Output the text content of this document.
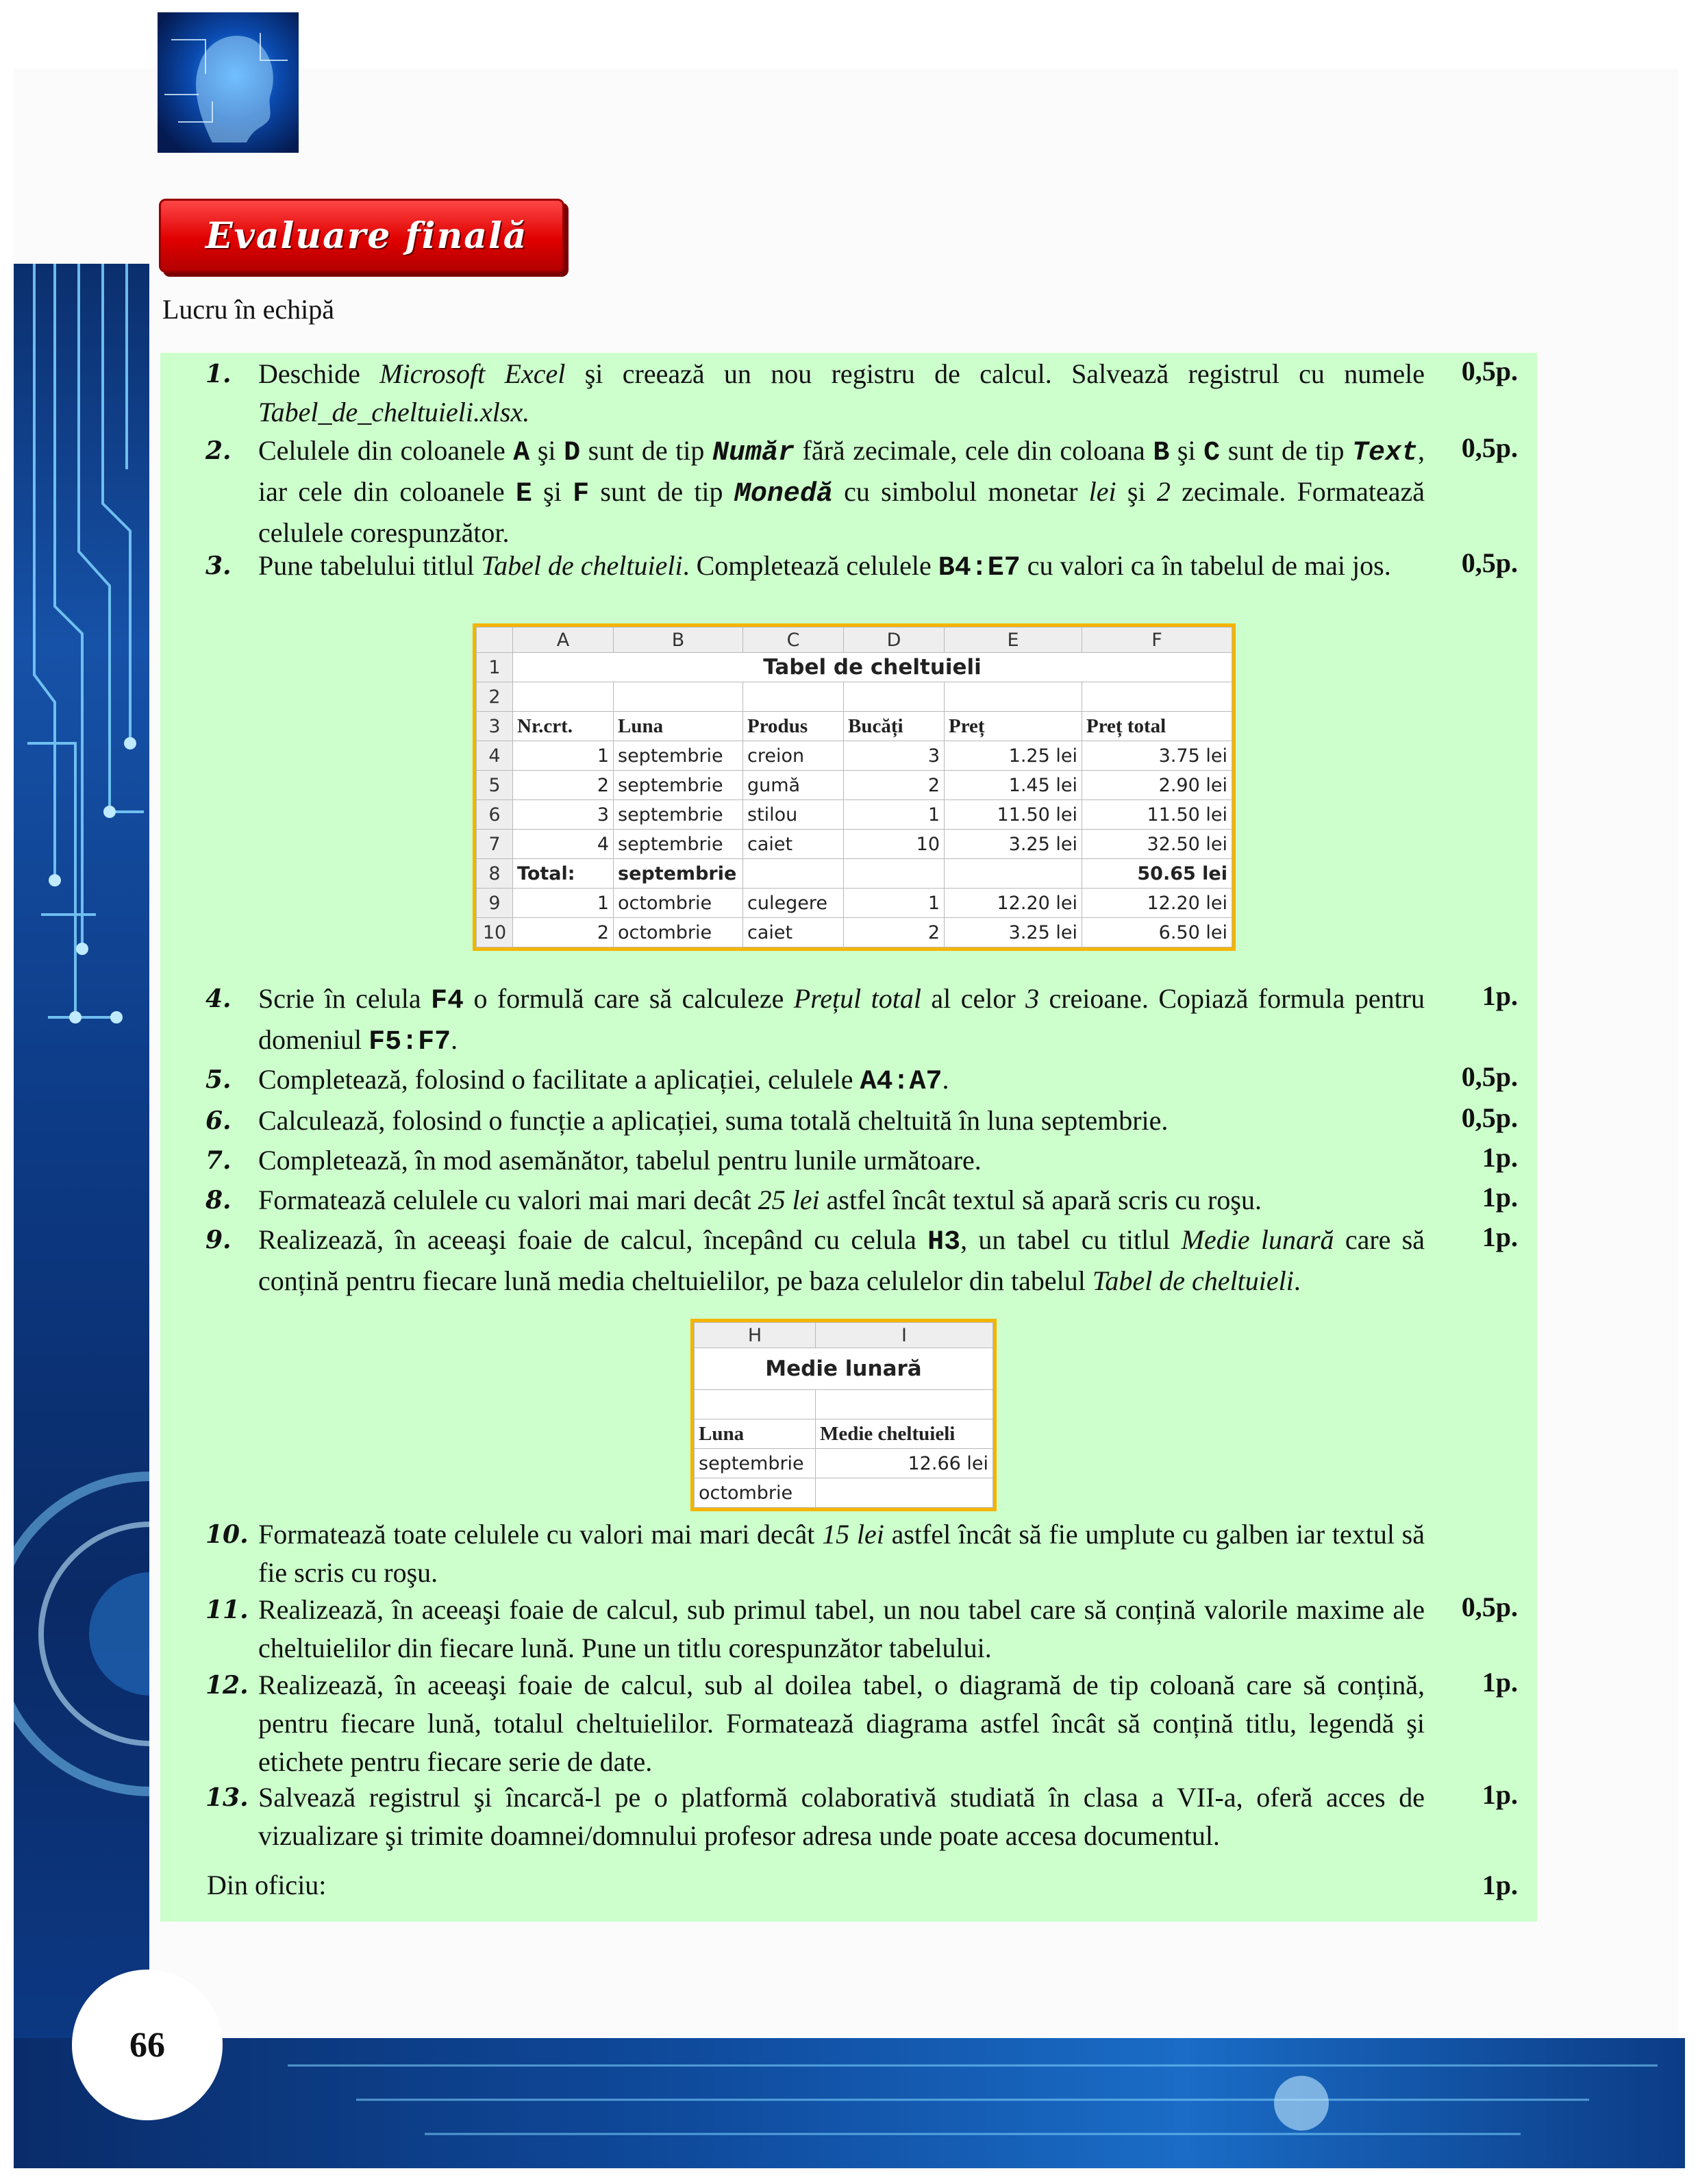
66
Evaluare finală
Lucru în echipă
1. Deschide Microsoft Excel şi creează un nou registru de calcul. Salvează registrul cu numele Tabel_de_cheltuieli.xlsx.
0,5p.
2. Celulele din coloanele A şi D sunt de tip Număr fără zecimale, cele din coloana B şi C sunt de tip Text, iar cele din coloanele E şi F sunt de tip Monedă cu simbolul monetar lei şi 2 zecimale. Formatează celulele corespunzător.
0,5p.
3. Pune tabelului titlul Tabel de cheltuieli. Completează celulele B4:E7 cu valori ca în tabelul de mai jos.	0,5p.
	A	B	C	D	E	F
1	Tabel de cheltuieli					
2						
3	Nr.crt.	Luna	Produs	Bucăți	Preț	Preț total
4	1	septembrie	creion	3	1.25 lei	3.75 lei
5	2	septembrie	gumă	2	1.45 lei	2.90 lei
6	3	septembrie	stilou	1	11.50 lei	11.50 lei
7	4	septembrie	caiet	10	3.25 lei	32.50 lei
8	Total:	septembrie				50.65 lei
9	1	octombrie	culegere	1	12.20 lei	12.20 lei
10	2	octombrie	caiet	2	3.25 lei	6.50 lei
4. Scrie în celula F4 o formulă care să calculeze Prețul total al celor 3 creioane. Copiază formula pentru domeniul F5:F7.
1p.
5. Completează, folosind o facilitate a aplicației, celulele A4:A7.	0,5p.
6. Calculează, folosind o funcție a aplicației, suma totală cheltuită în luna septembrie.	0,5p.
7. Completează, în mod asemănător, tabelul pentru lunile următoare.	1p.
8. Formatează celulele cu valori mai mari decât 25 lei astfel încât textul să apară scris cu roşu.	1p.
9. Realizează, în aceeaşi foaie de calcul, începând cu celula H3, un tabel cu titlul Medie lunară care să conțină pentru fiecare lună media cheltuielilor, pe baza celulelor din tabelul Tabel de cheltuieli.
1p.
H	I
Medie lunară	

Luna	Medie cheltuieli
septembrie	12.66 lei
octombrie	
10. Formatează toate celulele cu valori mai mari decât 15 lei astfel încât să fie umplute cu galben iar textul să fie scris cu roşu.
11. Realizează, în aceeaşi foaie de calcul, sub primul tabel, un nou tabel care să conțină valorile maxime ale cheltuielilor din fiecare lună. Pune un titlu corespunzător tabelului.
0,5p.
12. Realizează, în aceeaşi foaie de calcul, sub al doilea tabel, o diagramă de tip coloană care să conțină, pentru fiecare lună, totalul cheltuielilor. Formatează diagrama astfel încât să conțină titlu, legendă şi etichete pentru fiecare serie de date.
1p.
13. Salvează registrul şi încarcă-l pe o platformă colaborativă studiată în clasa a VII-a, oferă acces de vizualizare şi trimite doamnei/domnului profesor adresa unde poate accesa documentul.
1p.
Din oficiu:	1p.
